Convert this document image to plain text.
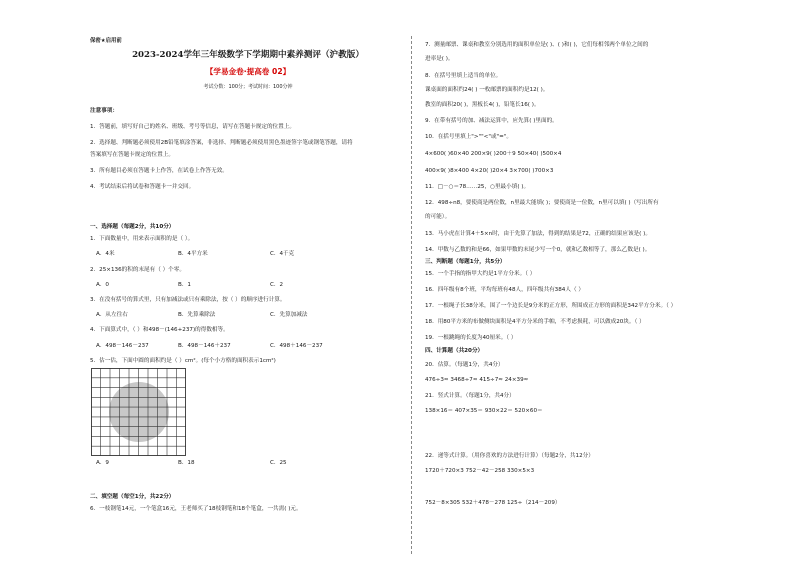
保密★启用前
2023-2024学年三年级数学下学期期中素养测评（沪教版）
【学易金卷·提高卷 02】
考试分数：100分；考试时间：100分钟
注意事项：
1．答题前，填写好自己的姓名、班级、考号等信息，请写在答题卡规定的位置上。
2．选择题、判断题必须使用2B铅笔填涂答案，非选择、判断题必须使用黑色墨迹签字笔或钢笔答题，请将
答案填写在答题卡规定的位置上。
3．所有题目必须在答题卡上作答，在试卷上作答无效。
4．考试结束后将试卷和答题卡一并交回。
一、选择题（每题2分，共10分）
1．下面数量中，用来表示面积的是（ ）。
A．4米	B．4平方米	C．4千克
2．25×136的积的末尾有（ ）个零。
A．0	B．1	C．2
3．在没有括号的算式里，只有加减法或只有乘除法，按（ ）的顺序进行计算。
A．从左往右	B．先算乘除法	C．先算加减法
4．下面算式中，（ ）和498－(146+237)的得数相等。
A．498－146－237	B．498－146＋237	C．498＋146－237
5．估一估，下面中圆的面积约是（ ）cm²。(每个小方格的面积表示1cm²)
A．9	B．18	C．25
二、填空题（每空1分，共22分）
6．一枝钢笔14元，一个笔盒16元，王老师买了18枝钢笔和18个笔盒，一共需( )元。
7．测量邮票、课桌和教室分别选用的面积单位是( )、( )和( )，它们每相邻两个单位之间的
进率是( )。
8．在括号里填上适当的单位。
课桌面的面积约24( ) 一枚邮票的面积约是12( )。
教室的面积20( )，黑板长4( )，铅笔长16( )。
9．在带有括号的加、减法运算中，应先算( )里面的。
10．在括号里填上">""<"或"="。
4×600( )60×40 200×9( )200＋9 50×40( )500×4
400×9( )8×400 4×20( )20×4 3×700( )700×3
11．□－○＝78……25，○里最小填( )。
12．498÷n8，要使商是两位数，n里最大能填( )；要使商是一位数，n里可以填( )（写出所有
的可能）。
13．马小虎在计算4＋5×n时，由于先算了加法，得到的结果是72，正确的结果应该是( )。
14．甲数与乙数的和是66，如果甲数的末尾少写一个0，就和乙数相等了，那么乙数是( )。
三、判断题（每题1分，共5分）
15．一个手指的指甲大约是1平方分米。（ ）
16．四年级有8个班，平均每班有48人，四年级共有384人（ ）
17．一根绳子长38分米，围了一个边长是9分米的正方形，所围成正方形的面积是342平方分米。（ ）
18．用80平方米的布做侧块面积是4平方分米的手帕，不考虑损耗，可以做成20块。（ ）
19．一根跳绳的长度为40厘米。（ ）
四、计算题（共20分）
20．估算。（每题1分，共4分）
476÷3≈ 3468÷7≈ 415÷7≈ 24×39≈
21．竖式计算。（每题1分，共4分）
138×16＝ 407×35＝ 930×22＝ 520×60＝
22．递等式计算。（用你喜欢的方法进行计算）（每题2分，共12分）
1720＋720×3 752－42－258 330×5×3
752－8×305 532＋478－278 125÷（214－209）
